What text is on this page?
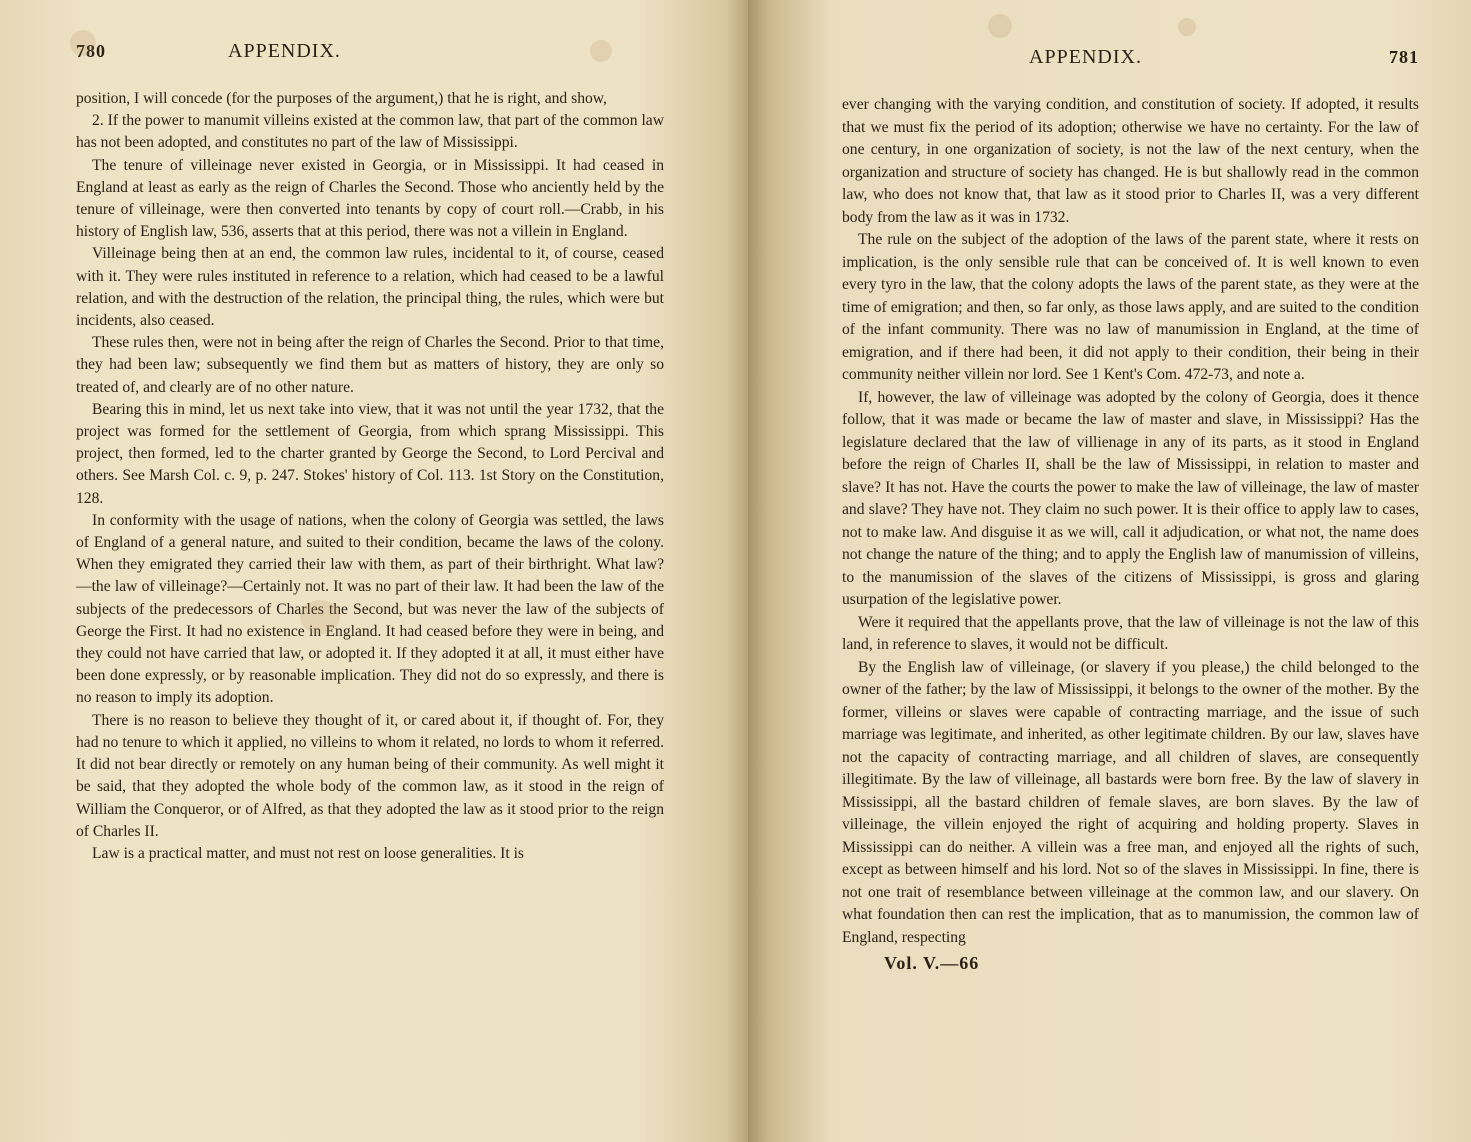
780	APPENDIX.

position, I will concede (for the purposes of the argument,) that he is right, and show,

2. If the power to manumit villeins existed at the common law, that part of the common law has not been adopted, and constitutes no part of the law of Mississippi.

The tenure of villeinage never existed in Georgia, or in Mississippi. It had ceased in England at least as early as the reign of Charles the Second. Those who anciently held by the tenure of villeinage, were then converted into tenants by copy of court roll.—Crabb, in his history of English law, 536, asserts that at this period, there was not a villein in England.

Villeinage being then at an end, the common law rules, incidental to it, of course, ceased with it. They were rules instituted in reference to a relation, which had ceased to be a lawful relation, and with the destruction of the relation, the principal thing, the rules, which were but incidents, also ceased.

These rules then, were not in being after the reign of Charles the Second. Prior to that time, they had been law; subsequently we find them but as matters of history, they are only so treated of, and clearly are of no other nature.

Bearing this in mind, let us next take into view, that it was not until the year 1732, that the project was formed for the settlement of Georgia, from which sprang Mississippi. This project, then formed, led to the charter granted by George the Second, to Lord Percival and others. See Marsh Col. c. 9, p. 247. Stokes' history of Col. 113. 1st Story on the Constitution, 128.

In conformity with the usage of nations, when the colony of Georgia was settled, the laws of England of a general nature, and suited to their condition, became the laws of the colony. When they emigrated they carried their law with them, as part of their birthright. What law?—the law of villeinage?—Certainly not. It was no part of their law. It had been the law of the subjects of the predecessors of Charles the Second, but was never the law of the subjects of George the First. It had no existence in England. It had ceased before they were in being, and they could not have carried that law, or adopted it. If they adopted it at all, it must either have been done expressly, or by reasonable implication. They did not do so expressly, and there is no reason to imply its adoption.

There is no reason to believe they thought of it, or cared about it, if thought of. For, they had no tenure to which it applied, no villeins to whom it related, no lords to whom it referred. It did not bear directly or remotely on any human being of their community. As well might it be said, that they adopted the whole body of the common law, as it stood in the reign of William the Conqueror, or of Alfred, as that they adopted the law as it stood prior to the reign of Charles II.

Law is a practical matter, and must not rest on loose generalities. It is

APPENDIX.	781

ever changing with the varying condition, and constitution of society. If adopted, it results that we must fix the period of its adoption; otherwise we have no certainty. For the law of one century, in one organization of society, is not the law of the next century, when the organization and structure of society has changed. He is but shallowly read in the common law, who does not know that, that law as it stood prior to Charles II, was a very different body from the law as it was in 1732.

The rule on the subject of the adoption of the laws of the parent state, where it rests on implication, is the only sensible rule that can be conceived of. It is well known to even every tyro in the law, that the colony adopts the laws of the parent state, as they were at the time of emigration; and then, so far only, as those laws apply, and are suited to the condition of the infant community. There was no law of manumission in England, at the time of emigration, and if there had been, it did not apply to their condition, their being in their community neither villein nor lord. See 1 Kent's Com. 472-73, and note a.

If, however, the law of villeinage was adopted by the colony of Georgia, does it thence follow, that it was made or became the law of master and slave, in Mississippi? Has the legislature declared that the law of villienage in any of its parts, as it stood in England before the reign of Charles II, shall be the law of Mississippi, in relation to master and slave? It has not. Have the courts the power to make the law of villeinage, the law of master and slave? They have not. They claim no such power. It is their office to apply law to cases, not to make law. And disguise it as we will, call it adjudication, or what not, the name does not change the nature of the thing; and to apply the English law of manumission of villeins, to the manumission of the slaves of the citizens of Mississippi, is gross and glaring usurpation of the legislative power.

Were it required that the appellants prove, that the law of villeinage is not the law of this land, in reference to slaves, it would not be difficult.

By the English law of villeinage, (or slavery if you please,) the child belonged to the owner of the father; by the law of Mississippi, it belongs to the owner of the mother. By the former, villeins or slaves were capable of contracting marriage, and the issue of such marriage was legitimate, and inherited, as other legitimate children. By our law, slaves have not the capacity of contracting marriage, and all children of slaves, are consequently illegitimate. By the law of villeinage, all bastards were born free. By the law of slavery in Mississippi, all the bastard children of female slaves, are born slaves. By the law of villeinage, the villein enjoyed the right of acquiring and holding property. Slaves in Mississippi can do neither. A villein was a free man, and enjoyed all the rights of such, except as between himself and his lord. Not so of the slaves in Mississippi. In fine, there is not one trait of resemblance between villeinage at the common law, and our slavery. On what foundation then can rest the implication, that as to manumission, the common law of England, respecting

Vol. V.—66
